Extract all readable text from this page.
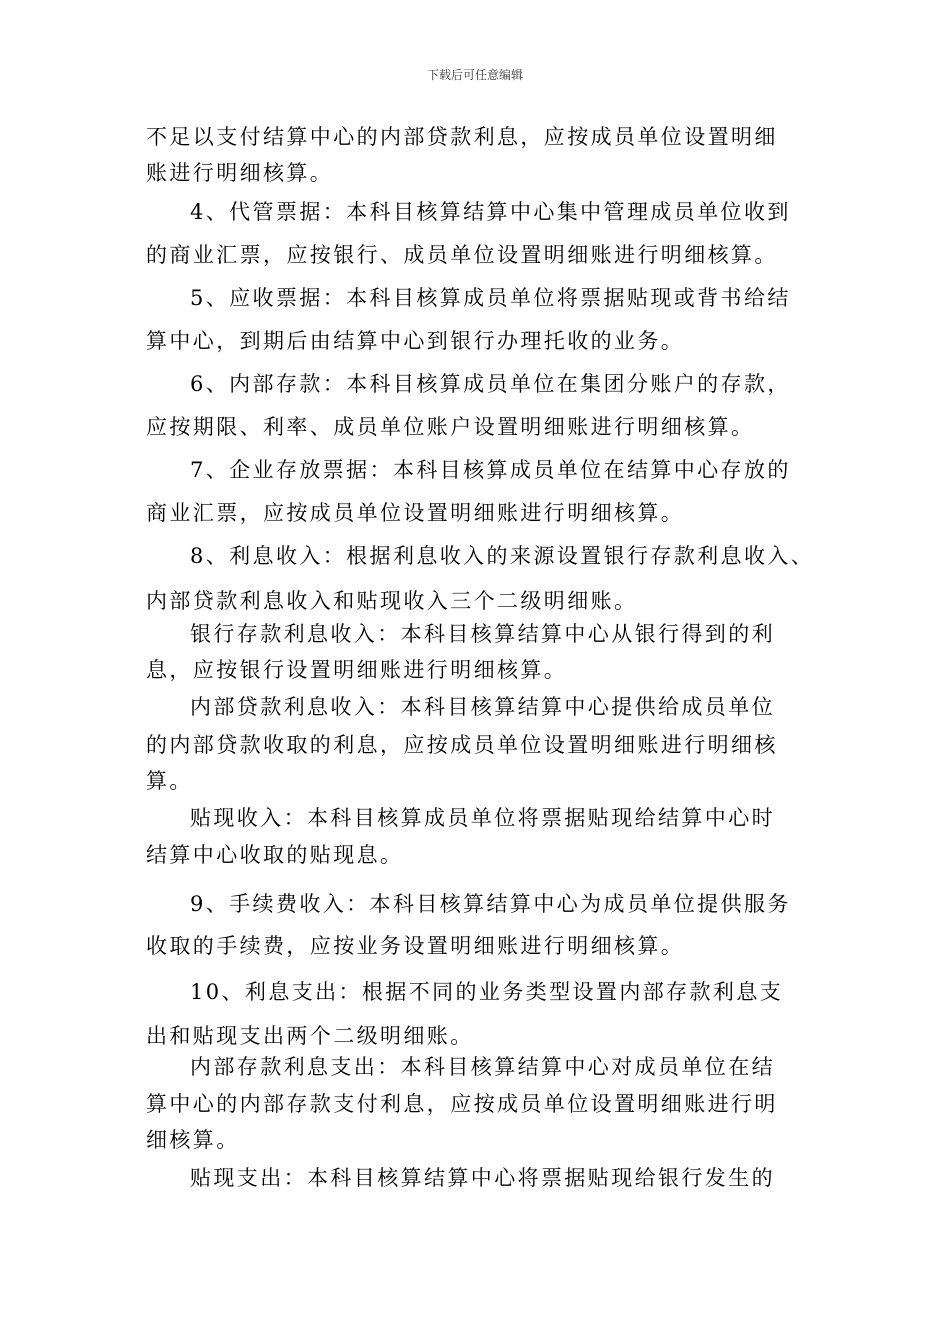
下载后可任意编辑
不足以支付结算中心的内部贷款利息，应按成员单位设置明细
账进行明细核算。
4、代管票据：本科目核算结算中心集中管理成员单位收到
的商业汇票，应按银行、成员单位设置明细账进行明细核算。
5、应收票据：本科目核算成员单位将票据贴现或背书给结
算中心，到期后由结算中心到银行办理托收的业务。
6、内部存款：本科目核算成员单位在集团分账户的存款，
应按期限、利率、成员单位账户设置明细账进行明细核算。
7、企业存放票据：本科目核算成员单位在结算中心存放的
商业汇票，应按成员单位设置明细账进行明细核算。
8、利息收入：根据利息收入的来源设置银行存款利息收入、
内部贷款利息收入和贴现收入三个二级明细账。
银行存款利息收入：本科目核算结算中心从银行得到的利
息，应按银行设置明细账进行明细核算。
内部贷款利息收入：本科目核算结算中心提供给成员单位
的内部贷款收取的利息，应按成员单位设置明细账进行明细核
算。
贴现收入：本科目核算成员单位将票据贴现给结算中心时
结算中心收取的贴现息。
9、手续费收入：本科目核算结算中心为成员单位提供服务
收取的手续费，应按业务设置明细账进行明细核算。
10、利息支出：根据不同的业务类型设置内部存款利息支
出和贴现支出两个二级明细账。
内部存款利息支出：本科目核算结算中心对成员单位在结
算中心的内部存款支付利息，应按成员单位设置明细账进行明
细核算。
贴现支出：本科目核算结算中心将票据贴现给银行发生的
